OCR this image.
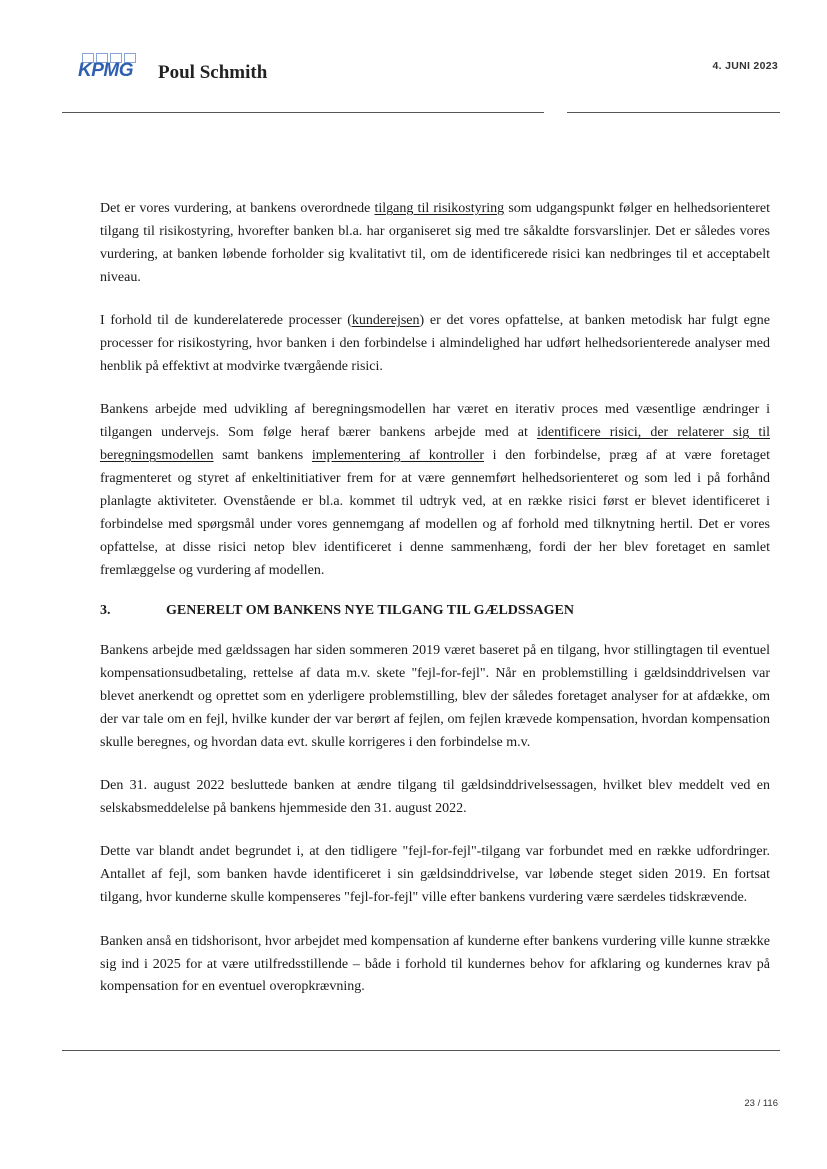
KPMG Poul Schmith	4. JUNI 2023

Det er vores vurdering, at bankens overordnede tilgang til risikostyring som udgangspunkt følger en helhedsorienteret tilgang til risikostyring, hvorefter banken bl.a. har organiseret sig med tre såkaldte forsvarslinjer. Det er således vores vurdering, at banken løbende forholder sig kvalitativt til, om de identificerede risici kan nedbringes til et acceptabelt niveau.

I forhold til de kunderelaterede processer (kunderejsen) er det vores opfattelse, at banken metodisk har fulgt egne processer for risikostyring, hvor banken i den forbindelse i almindelighed har udført helhedsorienterede analyser med henblik på effektivt at modvirke tværgående risici.

Bankens arbejde med udvikling af beregningsmodellen har været en iterativ proces med væsentlige ændringer i tilgangen undervejs. Som følge heraf bærer bankens arbejde med at identificere risici, der relaterer sig til beregningsmodellen samt bankens implementering af kontroller i den forbindelse, præg af at være foretaget fragmenteret og styret af enkeltinitiativer frem for at være gennemført helhedsorienteret og som led i på forhånd planlagte aktiviteter. Ovenstående er bl.a. kommet til udtryk ved, at en række risici først er blevet identificeret i forbindelse med spørgsmål under vores gennemgang af modellen og af forhold med tilknytning hertil. Det er vores opfattelse, at disse risici netop blev identificeret i denne sammenhæng, fordi der her blev foretaget en samlet fremlæggelse og vurdering af modellen.

3.	GENERELT OM BANKENS NYE TILGANG TIL GÆLDSSAGEN

Bankens arbejde med gældssagen har siden sommeren 2019 været baseret på en tilgang, hvor stillingtagen til eventuel kompensationsudbetaling, rettelse af data m.v. skete "fejl-for-fejl". Når en problemstilling i gældsinddrivelsen var blevet anerkendt og oprettet som en yderligere problemstilling, blev der således foretaget analyser for at afdække, om der var tale om en fejl, hvilke kunder der var berørt af fejlen, om fejlen krævede kompensation, hvordan kompensation skulle beregnes, og hvordan data evt. skulle korrigeres i den forbindelse m.v.

Den 31. august 2022 besluttede banken at ændre tilgang til gældsinddrivelsessagen, hvilket blev meddelt ved en selskabsmeddelelse på bankens hjemmeside den 31. august 2022.

Dette var blandt andet begrundet i, at den tidligere "fejl-for-fejl"-tilgang var forbundet med en række udfordringer. Antallet af fejl, som banken havde identificeret i sin gældsinddrivelse, var løbende steget siden 2019. En fortsat tilgang, hvor kunderne skulle kompenseres "fejl-for-fejl" ville efter bankens vurdering være særdeles tidskrævende.

Banken anså en tidshorisont, hvor arbejdet med kompensation af kunderne efter bankens vurdering ville kunne strække sig ind i 2025 for at være utilfredsstillende – både i forhold til kundernes behov for afklaring og kundernes krav på kompensation for en eventuel overopkrævning.

23 / 116
